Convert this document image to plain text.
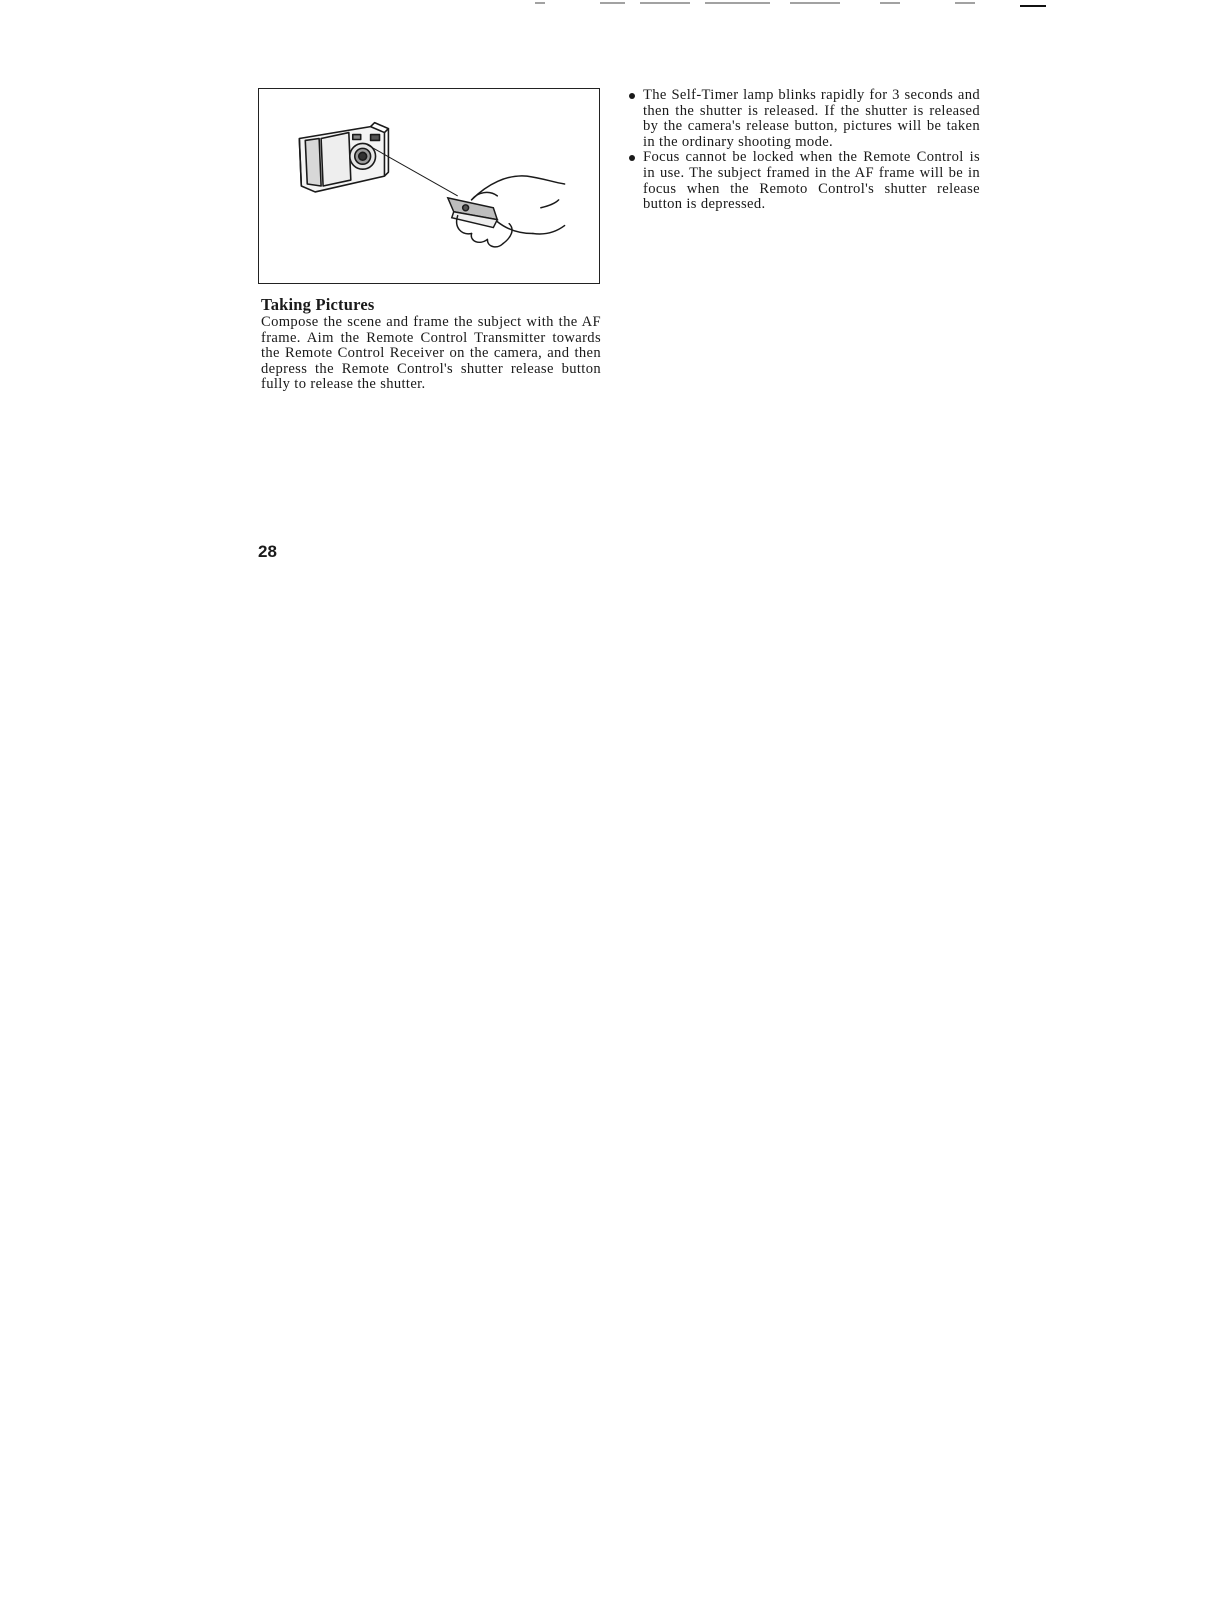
Taking Pictures
Compose the scene and frame the subject with the AF frame. Aim the Remote Control Transmitter towards the Remote Control Receiver on the camera, and then depress the Remote Control's shutter release button fully to release the shutter.
The Self-Timer lamp blinks rapidly for 3 seconds and then the shutter is released. If the shutter is released by the camera's release button, pictures will be taken in the ordinary shooting mode.
Focus cannot be locked when the Remote Control is in use. The subject framed in the AF frame will be in focus when the Remoto Control's shutter release button is depressed.
28
